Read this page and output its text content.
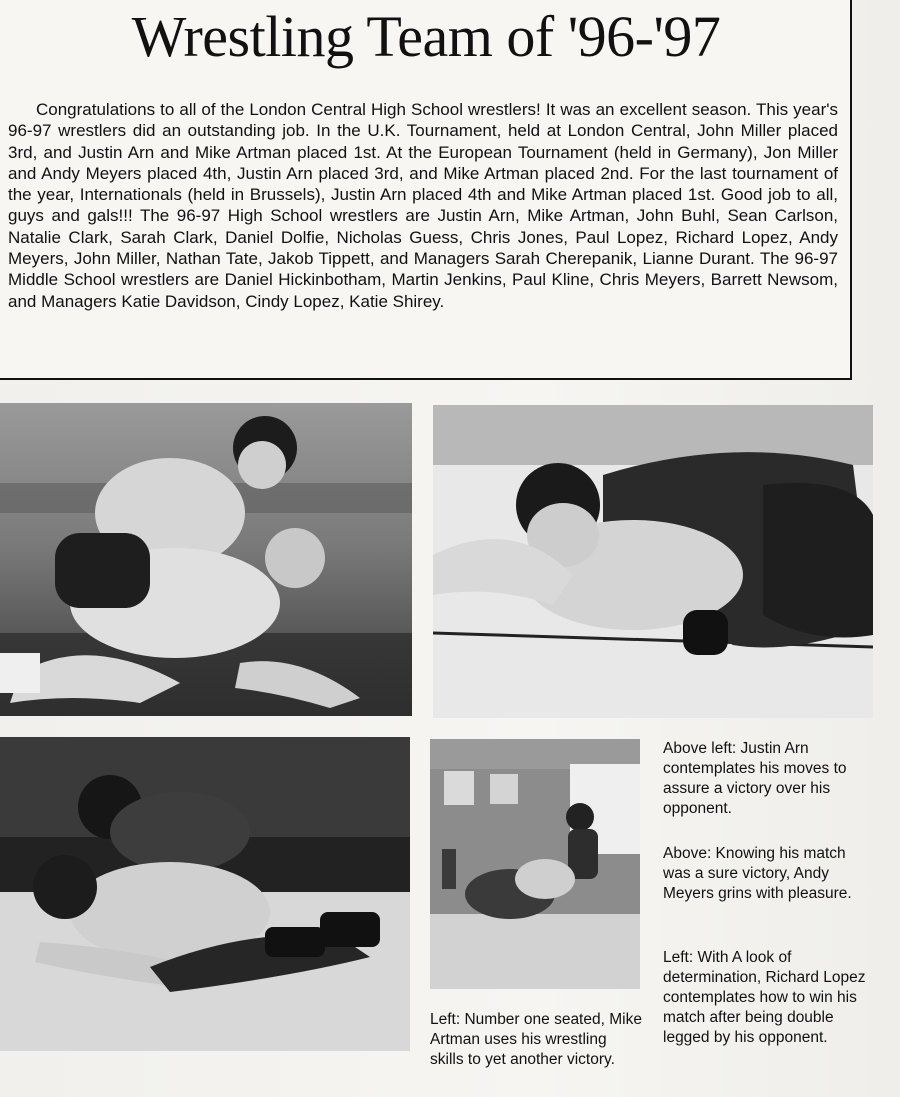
Wrestling Team of '96-'97

Congratulations to all of the London Central High School wrestlers! It was an excellent season. This year's 96-97 wrestlers did an outstanding job. In the U.K. Tournament, held at London Central, John Miller placed 3rd, and Justin Arn and Mike Artman placed 1st. At the European Tournament (held in Germany), Jon Miller and Andy Meyers placed 4th, Justin Arn placed 3rd, and Mike Artman placed 2nd. For the last tournament of the year, Internationals (held in Brussels), Justin Arn placed 4th and Mike Artman placed 1st. Good job to all, guys and gals!!! The 96-97 High School wrestlers are Justin Arn, Mike Artman, John Buhl, Sean Carlson, Natalie Clark, Sarah Clark, Daniel Dolfie, Nicholas Guess, Chris Jones, Paul Lopez, Richard Lopez, Andy Meyers, John Miller, Nathan Tate, Jakob Tippett, and Managers Sarah Cherepanik, Lianne Durant. The 96-97 Middle School wrestlers are Daniel Hickinbotham, Martin Jenkins, Paul Kline, Chris Meyers, Barrett Newsom, and Managers Katie Davidson, Cindy Lopez, Katie Shirey.

Above left: Justin Arn contemplates his moves to assure a victory over his opponent.

Above: Knowing his match was a sure victory, Andy Meyers grins with pleasure.

Left: With A look of determination, Richard Lopez contemplates how to win his match after being double legged by his opponent.

Left: Number one seated, Mike Artman uses his wrestling skills to yet another victory.
